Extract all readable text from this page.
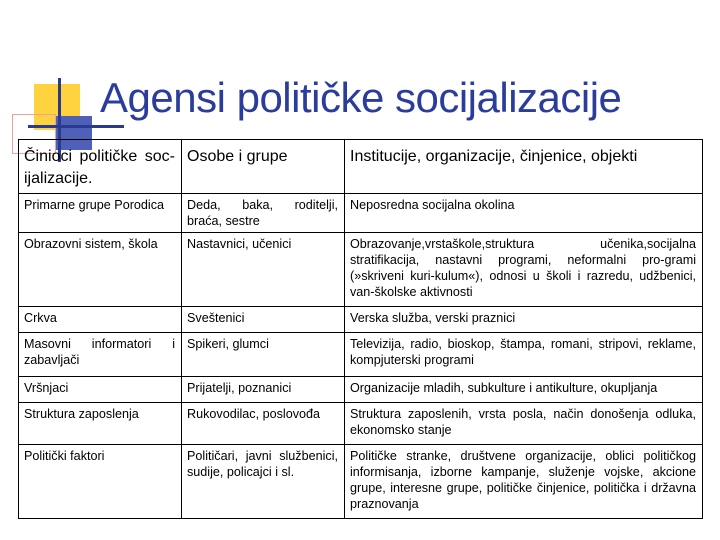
Agensi političke socijalizacije
Činioci političke soc-ijalizacije.	Osobe i grupe	Institucije, organizacije, činjenice, objekti
Primarne grupe Porodica	Deda, baka, roditelji, braća, sestre	Neposredna socijalna okolina
Obrazovni sistem, škola	Nastavnici, učenici	Obrazovanje,vrstaškole,struktura učenika,socijalna stratifikacija, nastavni programi, neformalni pro-grami (»skriveni kuri-kulum«), odnosi u školi i razredu, udžbenici, van-školske aktivnosti
Crkva	Sveštenici	Verska služba, verski praznici
Masovni informatori i zabavljači	Spikeri, glumci	Televizija, radio, bioskop, štampa, romani, stripovi, reklame, kompjuterski programi
Vršnjaci	Prijatelji, poznanici	Organizacije mladih, subkulture i antikulture, okupljanja
Struktura zaposlenja	Rukovodilac, poslovođa	Struktura zaposlenih, vrsta posla, način donošenja odluka, ekonomsko stanje
Politički faktori	Političari, javni službenici, sudije, policajci i sl.	Političke stranke, društvene organizacije, oblici političkog informisanja, izborne kampanje, služenje vojske, akcione grupe, interesne grupe, političke činjenice, politička i državna praznovanja
